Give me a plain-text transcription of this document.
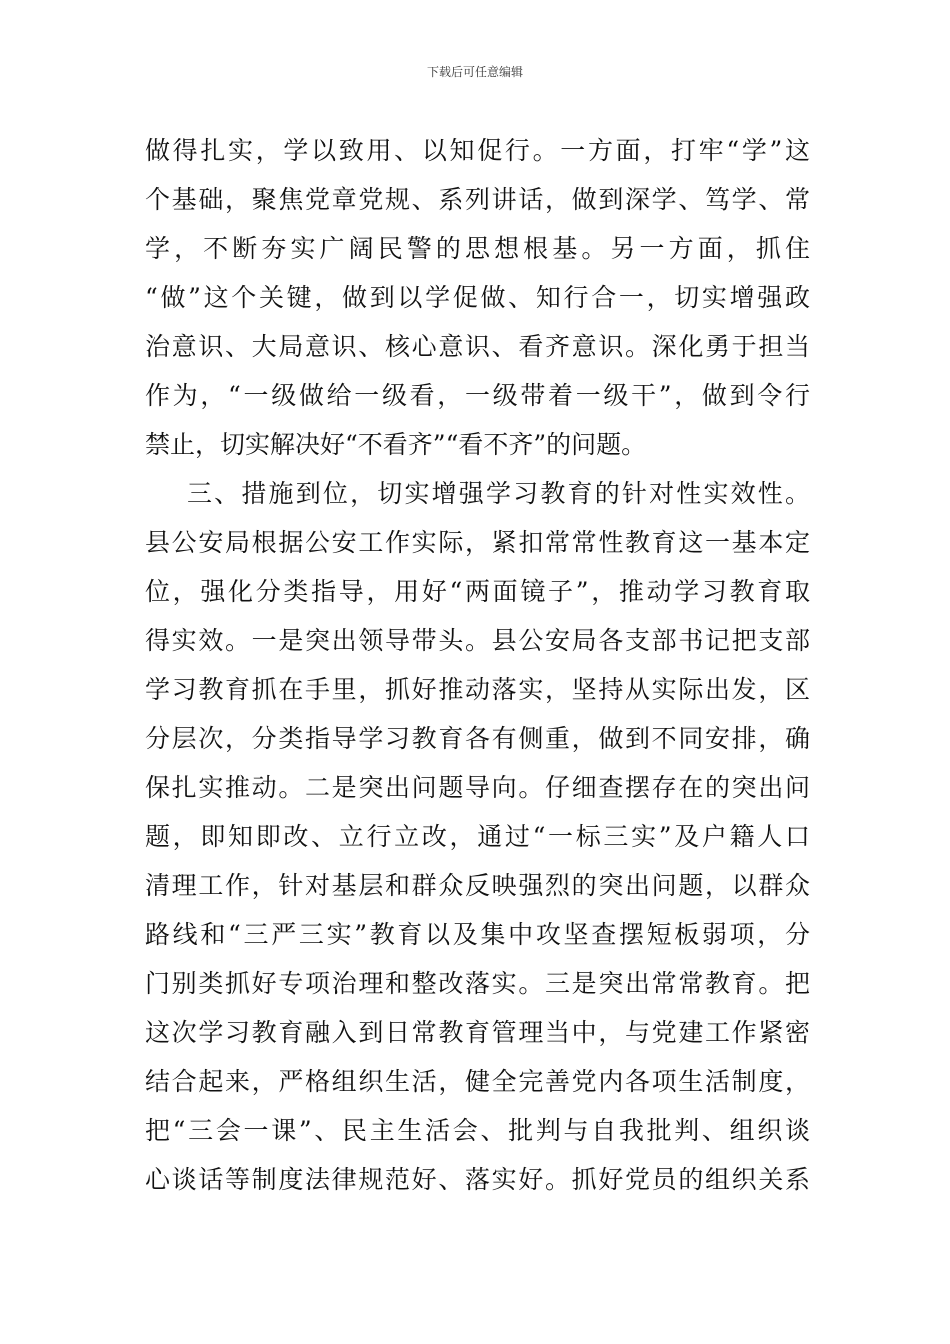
下载后可任意编辑
做得扎实，学以致用、以知促行。一方面，打牢“学”这
个基础，聚焦党章党规、系列讲话，做到深学、笃学、常
学，不断夯实广阔民警的思想根基。另一方面，抓住
“做”这个关键，做到以学促做、知行合一，切实增强政
治意识、大局意识、核心意识、看齐意识。深化勇于担当
作为，“一级做给一级看，一级带着一级干”，做到令行
禁止，切实解决好“不看齐”“看不齐”的问题。
三、措施到位，切实增强学习教育的针对性实效性。
县公安局根据公安工作实际，紧扣常常性教育这一基本定
位，强化分类指导，用好“两面镜子”，推动学习教育取
得实效。一是突出领导带头。县公安局各支部书记把支部
学习教育抓在手里，抓好推动落实，坚持从实际出发，区
分层次，分类指导学习教育各有侧重，做到不同安排，确
保扎实推动。二是突出问题导向。仔细查摆存在的突出问
题，即知即改、立行立改，通过“一标三实”及户籍人口
清理工作，针对基层和群众反映强烈的突出问题，以群众
路线和“三严三实”教育以及集中攻坚查摆短板弱项，分
门别类抓好专项治理和整改落实。三是突出常常教育。把
这次学习教育融入到日常教育管理当中，与党建工作紧密
结合起来，严格组织生活，健全完善党内各项生活制度，
把“三会一课”、民主生活会、批判与自我批判、组织谈
心谈话等制度法律规范好、落实好。抓好党员的组织关系
